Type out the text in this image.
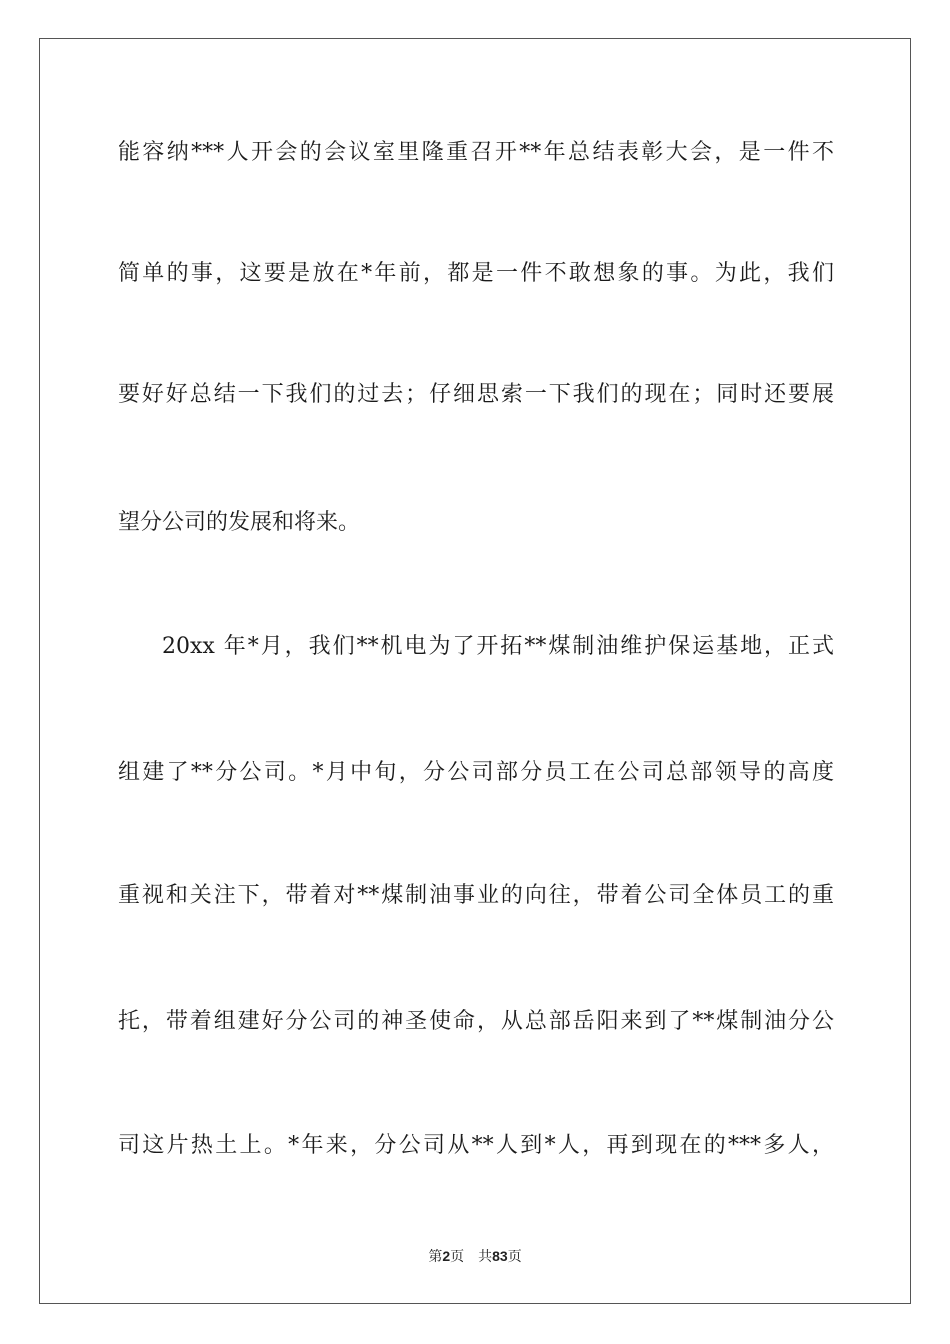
能容纳***人开会的会议室里隆重召开**年总结表彰大会，是一件不
简单的事，这要是放在*年前，都是一件不敢想象的事。为此，我们
要好好总结一下我们的过去；仔细思索一下我们的现在；同时还要展
望分公司的发展和将来。
20xx 年*月，我们**机电为了开拓**煤制油维护保运基地，正式
组建了**分公司。*月中旬，分公司部分员工在公司总部领导的高度
重视和关注下，带着对**煤制油事业的向往，带着公司全体员工的重
托，带着组建好分公司的神圣使命，从总部岳阳来到了**煤制油分公
司这片热土上。*年来，分公司从**人到*人，再到现在的***多人，
第2页 共83页
